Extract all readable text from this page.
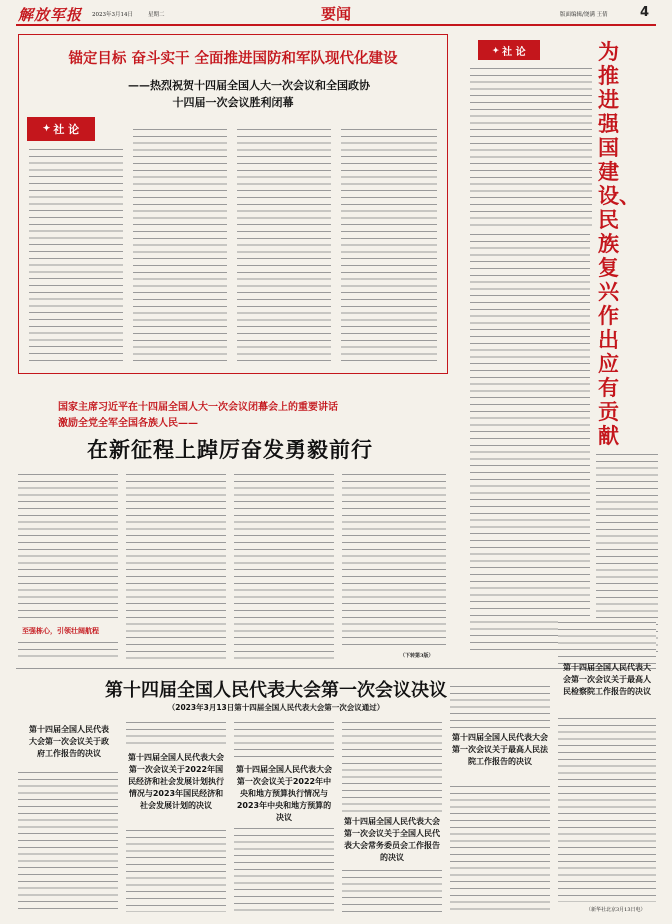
解放军报 2023年3月14日	星期二	要闻	版面编辑/饶满 王倩 4
锚定目标 奋斗实干 全面推进国防和军队现代化建设
——热烈祝贺十四届全国人大一次会议和全国政协
十四届一次会议胜利闭幕
✦ 社 论
✦ 社 论	为推进强国建设、民族复兴作出应有贡献
国家主席习近平在十四届全国人大一次会议闭幕会上的重要讲话
激励全党全军全国各族人民——
在新征程上踔厉奋发勇毅前行
至强栋心，引领壮阔航程
（下转第3版）
第十四届全国人民代表大会第一次会议决议
（2023年3月13日第十四届全国人民代表大会第一次会议通过）
第十四届全国人民代表大会第一次会议关于政府工作报告的决议	第十四届全国人民代表大会第一次会议关于2022年国民经济和社会发展计划执行情况与2023年国民经济和社会发展计划的决议
第十四届全国人民代表大会第一次会议关于2022年中央和地方预算执行情况与2023年中央和地方预算的决议	第十四届全国人民代表大会第一次会议关于全国人民代表大会常务委员会工作报告的决议
第十四届全国人民代表大会第一次会议关于最高人民法院工作报告的决议
第十四届全国人民代表大会第一次会议关于最高人民检察院工作报告的决议
（新华社北京3月13日电）
